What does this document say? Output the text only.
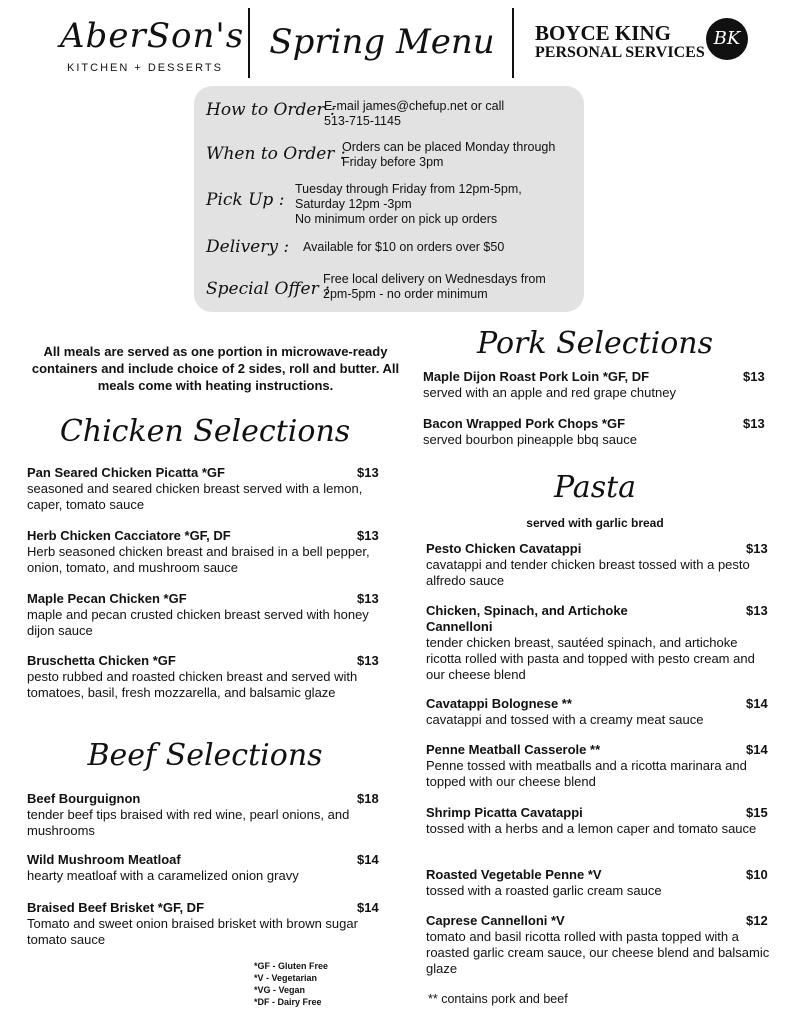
AberSon's
KITCHEN + DESSERTS
Spring Menu	BOYCE KING
PERSONAL SERVICES
BK
How to Order :
E-mail james@chefup.net or call
513-715-1145
When to Order :
Orders can be placed Monday through
Friday before 3pm
Pick Up :
Tuesday through Friday from 12pm-5pm,
Saturday 12pm -3pm
No minimum order on pick up orders
Delivery : Available for $10 on orders over $50
Special Offer :
Free local delivery on Wednesdays from
2pm-5pm - no order minimum
All meals are served as one portion in microwave-ready containers and include choice of 2 sides, roll and butter. All meals come with heating instructions.
Chicken Selections
Pan Seared Chicken Picatta *GF	$13
seasoned and seared chicken breast served with a lemon, caper, tomato sauce
Herb Chicken Cacciatore *GF, DF	$13
Herb seasoned chicken breast and braised in a bell pepper, onion, tomato, and mushroom sauce
Maple Pecan Chicken *GF	$13
maple and pecan crusted chicken breast served with honey dijon sauce
Bruschetta Chicken *GF	$13
pesto rubbed and roasted chicken breast and served with tomatoes, basil, fresh mozzarella, and balsamic glaze
Beef Selections
Beef Bourguignon	$18
tender beef tips braised with red wine, pearl onions, and mushrooms
Wild Mushroom Meatloaf	$14
hearty meatloaf with a caramelized onion gravy
Braised Beef Brisket *GF, DF	$14
Tomato and sweet onion braised brisket with brown sugar tomato sauce
Pork Selections
Maple Dijon Roast Pork Loin *GF, DF	$13
served with an apple and red grape chutney
Bacon Wrapped Pork Chops *GF	$13
served bourbon pineapple bbq sauce
Pasta
served with garlic bread
Pesto Chicken Cavatappi	$13
cavatappi and tender chicken breast tossed with a pesto alfredo sauce
Chicken, Spinach, and Artichoke Cannelloni
$13
tender chicken breast, sautéed spinach, and artichoke ricotta rolled with pasta and topped with pesto cream and our cheese blend
Cavatappi Bolognese **	$14
cavatappi and tossed with a creamy meat sauce
Penne Meatball Casserole **	$14
Penne tossed with meatballs and a ricotta marinara and topped with our cheese blend
Shrimp Picatta Cavatappi	$15
tossed with a herbs and a lemon caper and tomato sauce
Roasted Vegetable Penne *V	$10
tossed with a roasted garlic cream sauce
Caprese Cannelloni *V	$12
tomato and basil ricotta rolled with pasta topped with a roasted garlic cream sauce, our cheese blend and balsamic glaze
*GF - Gluten Free
*V - Vegetarian
*VG - Vegan
*DF - Dairy Free	** contains pork and beef
